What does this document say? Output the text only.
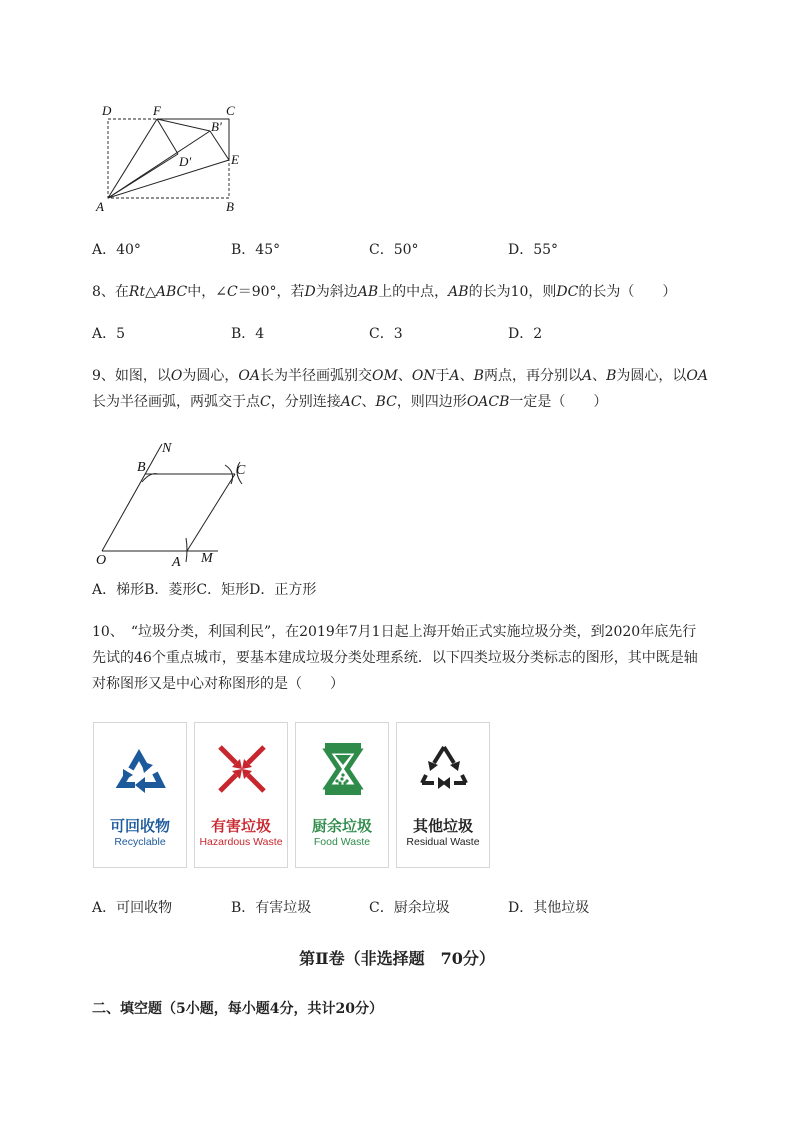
D	F	C
B′
D′	E
A	B
A．40°	B．45°	C．50°	D．55°
8、在Rt△ABC中，∠C＝90°，若D为斜边AB上的中点，AB的长为10，则DC的长为（　　）
A．5	B．4	C．3	D．2
9、如图，以O为圆心，OA长为半径画弧别交OM、ON于A、B两点，再分别以A、B为圆心，以OA
长为半径画弧，两弧交于点C，分别连接AC、BC，则四边形OACB一定是（　　）
N
B	C
O	A M
A．梯形B．菱形C．矩形D．正方形
10、　“垃圾分类，利国利民”，在2019年7月1日起上海开始正式实施垃圾分类，到2020年底先行
先试的46个重点城市，要基本建成垃圾分类处理系统．以下四类垃圾分类标志的图形，其中既是轴
对称图形又是中心对称图形的是（　　）
可回收物
Recyclable
有害垃圾
Hazardous Waste
厨余垃圾
Food Waste
其他垃圾
Residual Waste
A．可回收物	B．有害垃圾	C．厨余垃圾	D．其他垃圾
第Ⅱ卷（非选择题　70分）
二、填空题（5小题，每小题4分，共计20分）
